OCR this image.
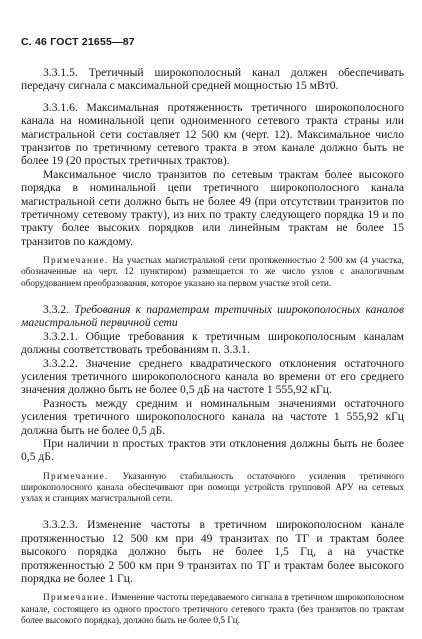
С. 46 ГОСТ 21655—87

3.3.1.5. Третичный широкополосный канал должен обеспечивать передачу сигнала с максимальной средней мощностью 15 мВт0.

3.3.1.6. Максимальная протяженность третичного широкополосного канала на номинальной цепи одноименного сетевого тракта страны или магистральной сети составляет 12 500 км (черт. 12). Максимальное число транзитов по третичному сетевого тракта в этом канале должно быть не более 19 (20 простых третичных трактов).

Максимальное число транзитов по сетевым трактам более высокого порядка в номинальной цепи третичного широкополосного канала магистральной сети должно быть не более 49 (при отсутствии транзитов по третичному сетевому тракту), из них по тракту следующего порядка 19 и по тракту более высоких порядков или линейным трактам не более 15 транзитов по каждому.

Примечание. На участках магистральной сети протяженностью 2 500 км (4 участка, обозначенные на черт. 12 пунктиром) размещается то же число узлов с аналогичным оборудованием преобразования, которое указано на первом участке этой сети.

3.3.2. Требования к параметрам третичных широкополосных каналов магистральной первичной сети

3.3.2.1. Общие требования к третичным широкополосным каналам должны соответствовать требованиям п. 3.3.1.

3.3.2.2. Значение среднего квадратического отклонения остаточного усиления третичного широкополосного канала во времени от его среднего значения должно быть не более 0,5 дБ на частоте 1 555,92 кГц.

Разность между средним и номинальным значениями остаточного усиления третичного широкополосного канала на частоте 1 555,92 кГц должна быть не более 0,5 дБ.

При наличии n простых трактов эти отклонения должны быть не более 0,5 дБ.

Примечание. Указанную стабильность остаточного усиления третичного широкополосного канала обеспечивают при помощи устройств групповой АРУ на сетевых узлах и станциях магистральной сети.

3.3.2.3. Изменение частоты в третичном широкополосном канале протяженностью 12 500 км при 49 транзитах по ТГ и трактам более высокого порядка должно быть не более 1,5 Гц, а на участке протяженностью 2 500 км при 9 транзитах по ТГ и трактам более высокого порядка не более 1 Гц.

Примечание. Изменение частоты передаваемого сигнала в третичном широкополосном канале, состоящего из одного простого третичного сетевого тракта (без транзитов по трактам более высокого порядка), должно быть не более 0,5 Гц.
